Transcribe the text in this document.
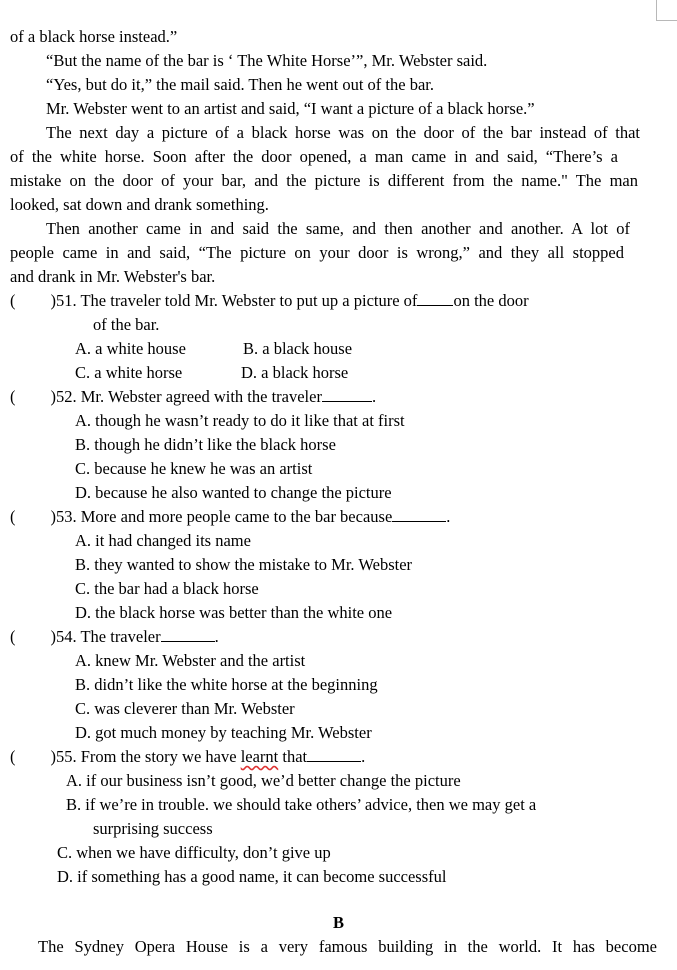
of a black horse instead.”
“But the name of the bar is ‘ The White Horse’”, Mr. Webster said.
“Yes, but do it,” the mail said. Then he went out of the bar.
Mr. Webster went to an artist and said, “I want a picture of a black horse.”
The next day a picture of a black horse was on the door of the bar instead of that
of the white horse. Soon after the door opened, a man came in and said, “There’s a
mistake on the door of your bar, and the picture is different from the name." The man
looked, sat down and drank something.
Then another came in and said the same, and then another and another. A lot of
people came in and said, “The picture on your door is wrong,” and they all stopped
and drank in Mr. Webster's bar.
( )51. The traveler told Mr. Webster to put up a picture of on the door
of the bar.
A. a white house	B. a black house
C. a white horse	D. a black horse
( )52. Mr. Webster agreed with the traveler	.
A. though he wasn’t ready to do it like that at first
B. though he didn’t like the black horse
C. because he knew he was an artist
D. because he also wanted to change the picture
( )53. More and more people came to the bar because	.
A. it had changed its name
B. they wanted to show the mistake to Mr. Webster
C. the bar had a black horse
D. the black horse was better than the white one
( )54. The traveler	.
A. knew Mr. Webster and the artist
B. didn’t like the white horse at the beginning
C. was cleverer than Mr. Webster
D. got much money by teaching Mr. Webster
( )55. From the story we have learnt that	.
A. if our business isn’t good, we’d better change the picture
B. if we’re in trouble. we should take others’ advice, then we may get a
surprising success
C. when we have difficulty, don’t give up
D. if something has a good name, it can become successful
B
The Sydney Opera House is a very famous building in the world. It has become
